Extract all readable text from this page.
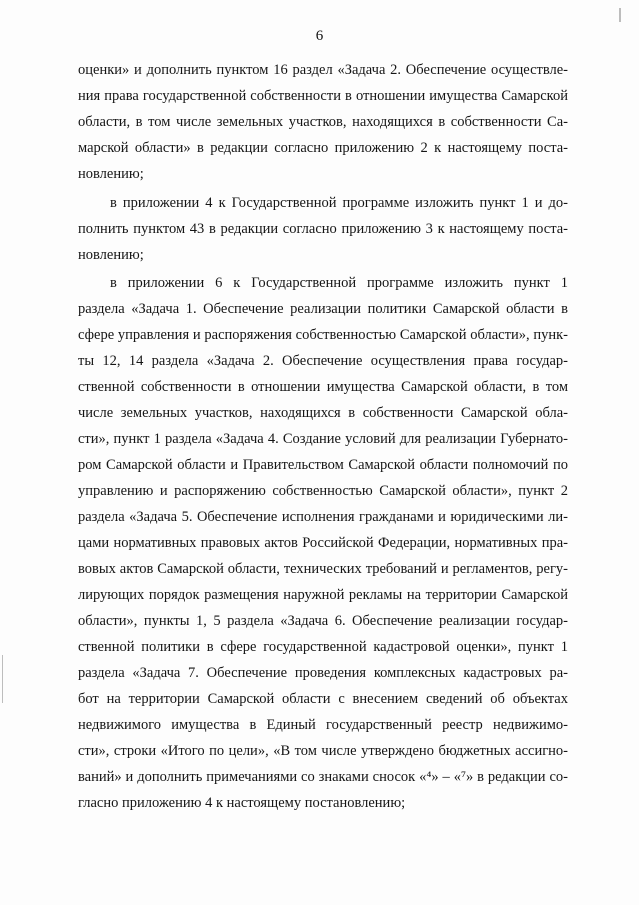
6
оценки» и дополнить пунктом 16 раздел «Задача 2. Обеспечение осуществле-
ния права государственной собственности в отношении имущества Самарской
области, в том числе земельных участков, находящихся в собственности Са-
марской области» в редакции согласно приложению 2 к настоящему поста-
новлению;
в приложении 4 к Государственной программе изложить пункт 1 и до-
полнить пунктом 43 в редакции согласно приложению 3 к настоящему поста-
новлению;
в приложении 6 к Государственной программе изложить пункт 1
раздела «Задача 1. Обеспечение реализации политики Самарской области в
сфере управления и распоряжения собственностью Самарской области», пунк-
ты 12, 14 раздела «Задача 2. Обеспечение осуществления права государ-
ственной собственности в отношении имущества Самарской области, в том
числе земельных участков, находящихся в собственности Самарской обла-
сти», пункт 1 раздела «Задача 4. Создание условий для реализации Губернато-
ром Самарской области и Правительством Самарской области полномочий по
управлению и распоряжению собственностью Самарской области», пункт 2
раздела «Задача 5. Обеспечение исполнения гражданами и юридическими ли-
цами нормативных правовых актов Российской Федерации, нормативных пра-
вовых актов Самарской области, технических требований и регламентов, регу-
лирующих порядок размещения наружной рекламы на территории Самарской
области», пункты 1, 5 раздела «Задача 6. Обеспечение реализации государ-
ственной политики в сфере государственной кадастровой оценки», пункт 1
раздела «Задача 7. Обеспечение проведения комплексных кадастровых ра-
бот на территории Самарской области с внесением сведений об объектах
недвижимого имущества в Единый государственный реестр недвижимо-
сти», строки «Итого по цели», «В том числе утверждено бюджетных ассигно-
ваний» и дополнить примечаниями со знаками сносок «⁴» – «⁷» в редакции со-
гласно приложению 4 к настоящему постановлению;
